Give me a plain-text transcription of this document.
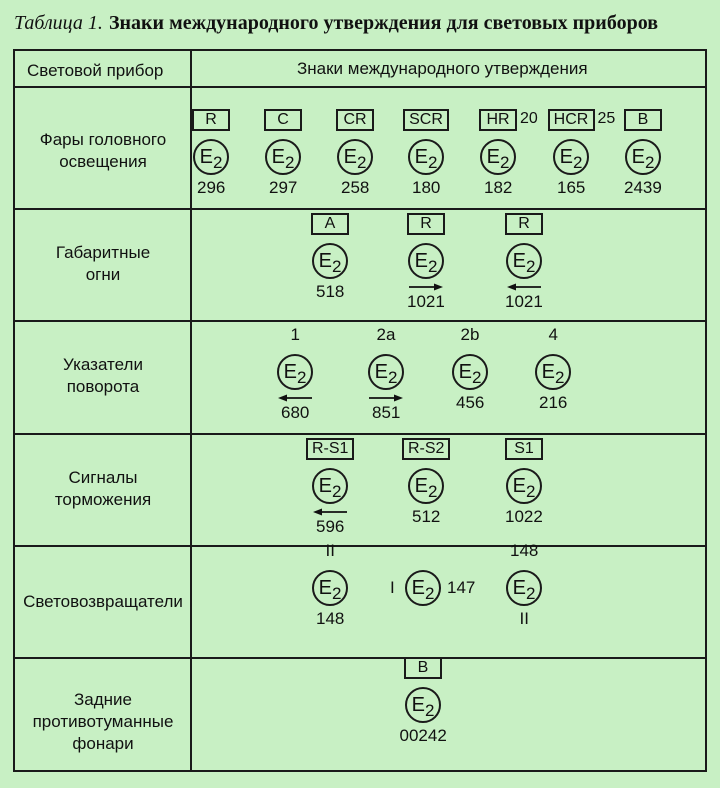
Таблица 1. Знаки международного утверждения для световых приборов
Световой прибор	Знаки международного утверждения
Фары головного
освещения
Габаритные
огни
Указатели
поворота
Сигналы
торможения
Световозвращатели
Задние
противотуманные
фонари
E 2
R
296
E 2
C
297
E 2
CR
258
E 2
SCR
180
E 2
HR 20
182
E 2
HCR 25
165
E 2
B
2439
E 2
A
518
E 2
R
1021
E 2
R
1021
E 2
1
680
E 2
2a
851
E 2
2b
456
E 2
4
216
E 2
R-S1
596
E 2
R-S2
512
E 2
S1
1022
E 2
II
148
E 2
I	147 E 2
148
II
E 2
B
00242
